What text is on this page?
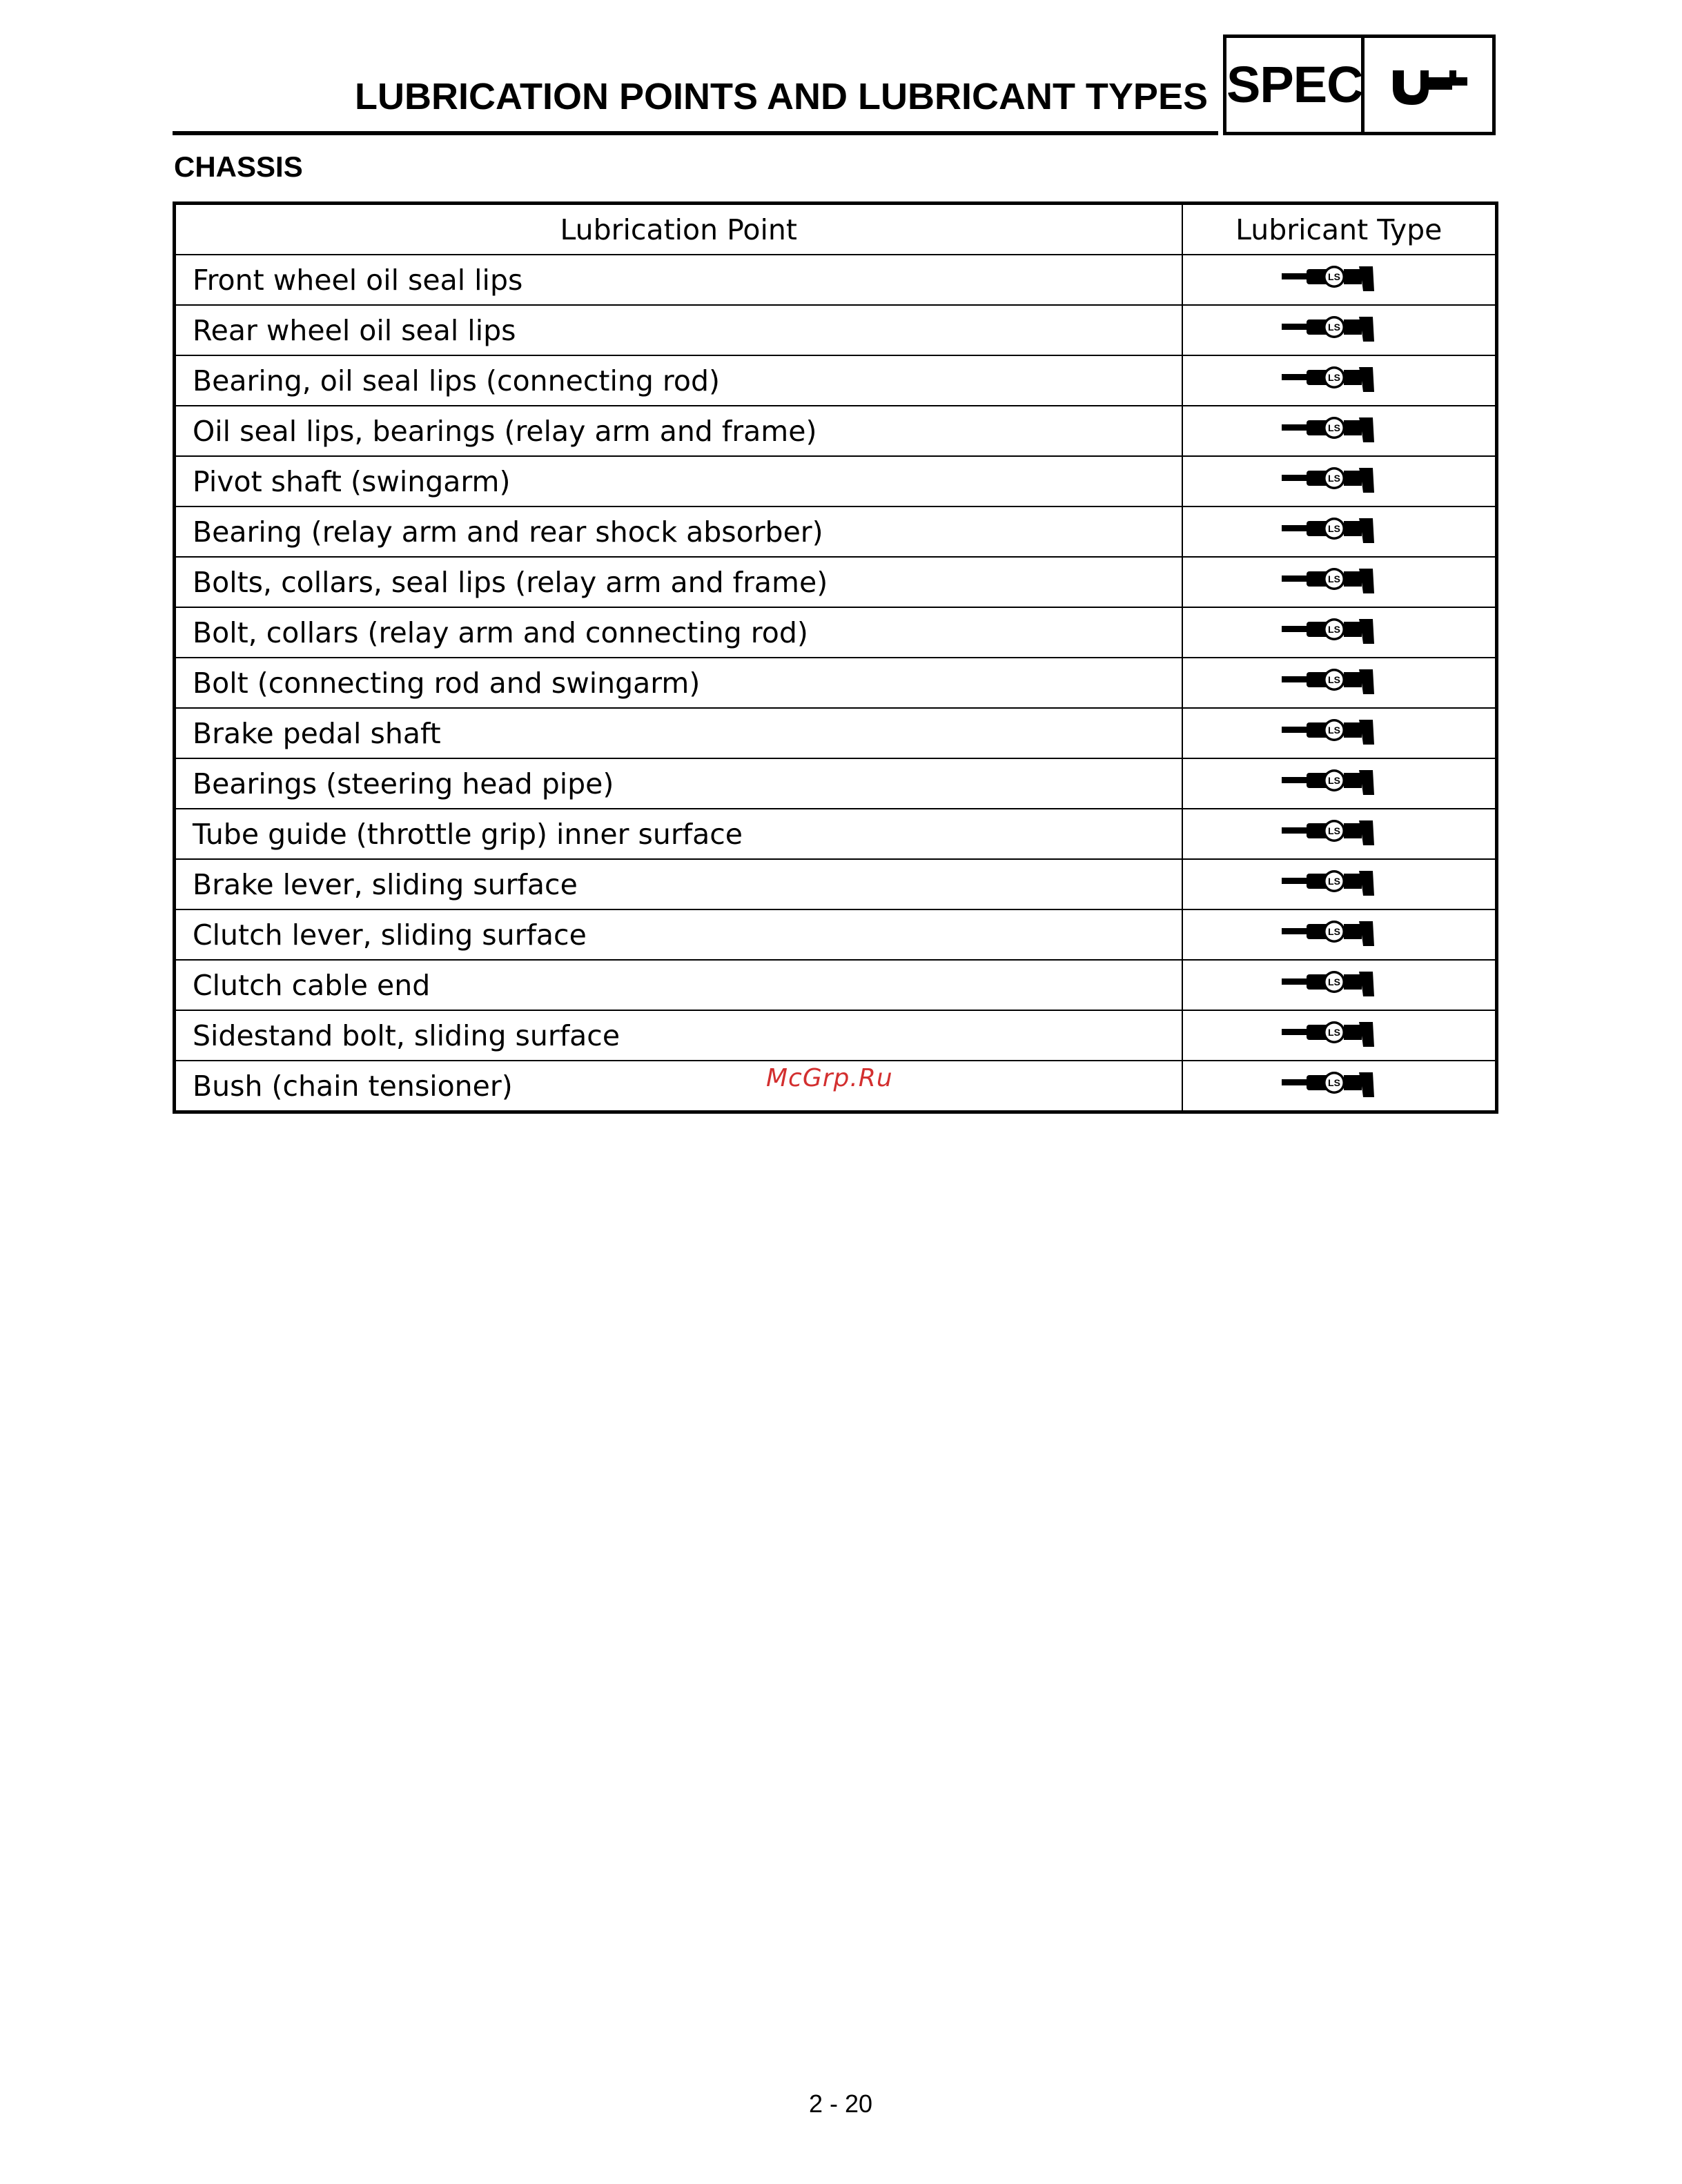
LUBRICATION POINTS AND LUBRICANT TYPES SPEC
CHASSIS
Lubrication Point	Lubricant Type
Front wheel oil seal lips	LS

Rear wheel oil seal lips	LS

Bearing, oil seal lips (connecting rod)	LS

Oil seal lips, bearings (relay arm and frame)	LS

Pivot shaft (swingarm)	LS

Bearing (relay arm and rear shock absorber)	LS

Bolts, collars, seal lips (relay arm and frame)	LS

Bolt, collars (relay arm and connecting rod)	LS

Bolt (connecting rod and swingarm)	LS

Brake pedal shaft	LS

Bearings (steering head pipe)	LS

Tube guide (throttle grip) inner surface	LS

Brake lever, sliding surface	LS

Clutch lever, sliding surface	LS

Clutch cable end	LS

Sidestand bolt, sliding surface	LS

Bush (chain tensioner)	LS
McGrp.Ru
2 - 20
